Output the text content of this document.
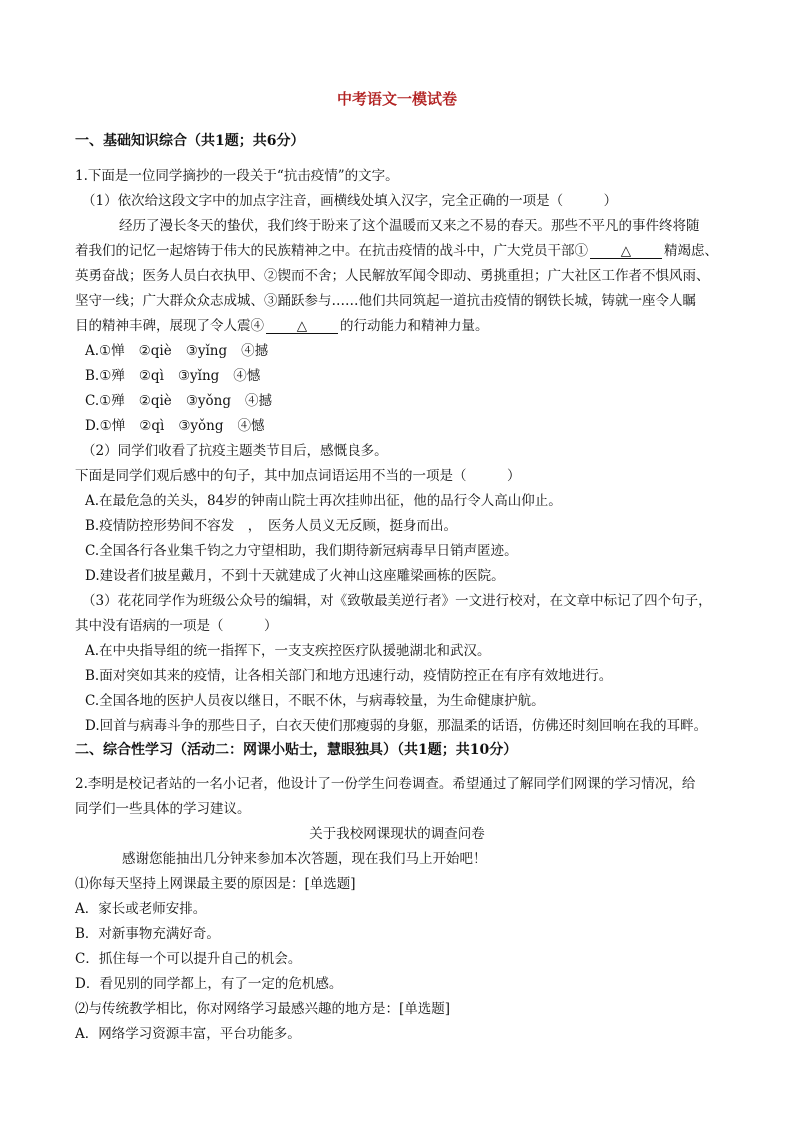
中考语文一模试卷
一、基础知识综合（共1题；共6分）
1.下面是一位同学摘抄的一段关于“抗击疫情”的文字。
（1）依次给这段文字中的加点字注音，画横线处填入汉字，完全正确的一项是（　　　）
经历了漫长冬天的蛰伏，我们终于盼来了这个温暖而又来之不易的春天。那些不平凡的事件终将随
着我们的记忆一起熔铸于伟大的民族精神之中。在抗击疫情的战斗中，广大党员干部① △ 精竭虑、
英勇奋战；医务人员白衣执甲、②锲而不舍；人民解放军闻令即动、勇挑重担；广大社区工作者不惧风雨、
坚守一线；广大群众众志成城、③踊跃参与……他们共同筑起一道抗击疫情的钢铁长城，铸就一座令人瞩
目的精神丰碑，展现了令人震④ △ 的行动能力和精神力量。
A.①惮 ②qiè ③yǐng ④撼
B.①殚 ②qì ③yǐng ④憾
C.①殚 ②qiè ③yǒng ④撼
D.①惮 ②qì ③yǒng ④憾
（2）同学们收看了抗疫主题类节目后，感慨良多。
下面是同学们观后感中的句子，其中加点词语运用不当的一项是（　　　）
A.在最危急的关头，84岁的钟南山院士再次挂帅出征，他的品行令人高山仰止。
B.疫情防控形势间不容发　，　医务人员义无反顾，挺身而出。
C.全国各行各业集千钧之力守望相助，我们期待新冠病毒早日销声匿迹。
D.建设者们披星戴月，不到十天就建成了火神山这座雕梁画栋的医院。
（3）花花同学作为班级公众号的编辑，对《致敬最美逆行者》一文进行校对，在文章中标记了四个句子，
其中没有语病的一项是（　　　）
A.在中央指导组的统一指挥下，一支支疾控医疗队援驰湖北和武汉。
B.面对突如其来的疫情，让各相关部门和地方迅速行动，疫情防控正在有序有效地进行。
C.全国各地的医护人员夜以继日，不眠不休，与病毒较量，为生命健康护航。
D.回首与病毒斗争的那些日子，白衣天使们那瘦弱的身躯，那温柔的话语，仿佛还时刻回响在我的耳畔。
二、综合性学习（活动二：网课小贴士，慧眼独具）（共1题；共10分）
2.李明是校记者站的一名小记者，他设计了一份学生问卷调查。希望通过了解同学们网课的学习情况，给
同学们一些具体的学习建议。
关于我校网课现状的调查问卷
感谢您能抽出几分钟来参加本次答题，现在我们马上开始吧！
⑴你每天坚持上网课最主要的原因是：[单选题]
A．家长或老师安排。
B．对新事物充满好奇。
C．抓住每一个可以提升自己的机会。
D．看见别的同学都上，有了一定的危机感。
⑵与传统教学相比，你对网络学习最感兴趣的地方是：[单选题]
A．网络学习资源丰富，平台功能多。
